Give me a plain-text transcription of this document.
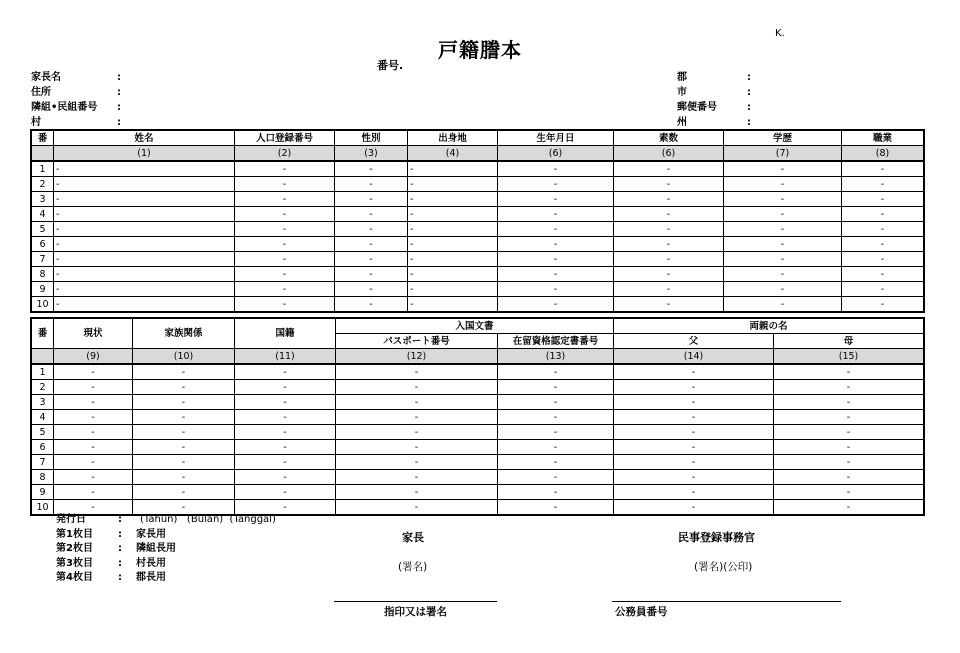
戸籍謄本
K.
番号.
家長名	:
住所	:
隣組•民組番号	:
村	:
郡	:
市	:
郵便番号	:
州	:
番	姓名	人口登録番号	性別	出身地	生年月日	素数	学歴	職業
	(1)	(2)	(3)	(4)	(6)	(6)	(7)	(8)
1	-	-	-	-	-	-	-	-
2	-	-	-	-	-	-	-	-
3	-	-	-	-	-	-	-	-
4	-	-	-	-	-	-	-	-
5	-	-	-	-	-	-	-	-
6	-	-	-	-	-	-	-	-
7	-	-	-	-	-	-	-	-
8	-	-	-	-	-	-	-	-
9	-	-	-	-	-	-	-	-
10	-	-	-	-	-	-	-	-
番	現状	家族関係	国籍	入国文書		両親の名	
				パスポート番号	在留資格認定書番号	父	母
	(9)	(10)	(11)	(12)	(13)	(14)	(15)
1	-	-	-	-	-	-	-
2	-	-	-	-	-	-	-
3	-	-	-	-	-	-	-
4	-	-	-	-	-	-	-
5	-	-	-	-	-	-	-
6	-	-	-	-	-	-	-
7	-	-	-	-	-	-	-
8	-	-	-	-	-	-	-
9	-	-	-	-	-	-	-
10	-	-	-	-	-	-	-
発行日	:	(Tahun)   (Bulan)  (Tanggal)
第1枚目	:	家長用
第2枚目	:	隣組長用
第3枚目	:	村長用
第4枚目	:	郡長用
家長
(署名)
指印又は署名
民事登録事務官
(署名)(公印)
公務員番号
